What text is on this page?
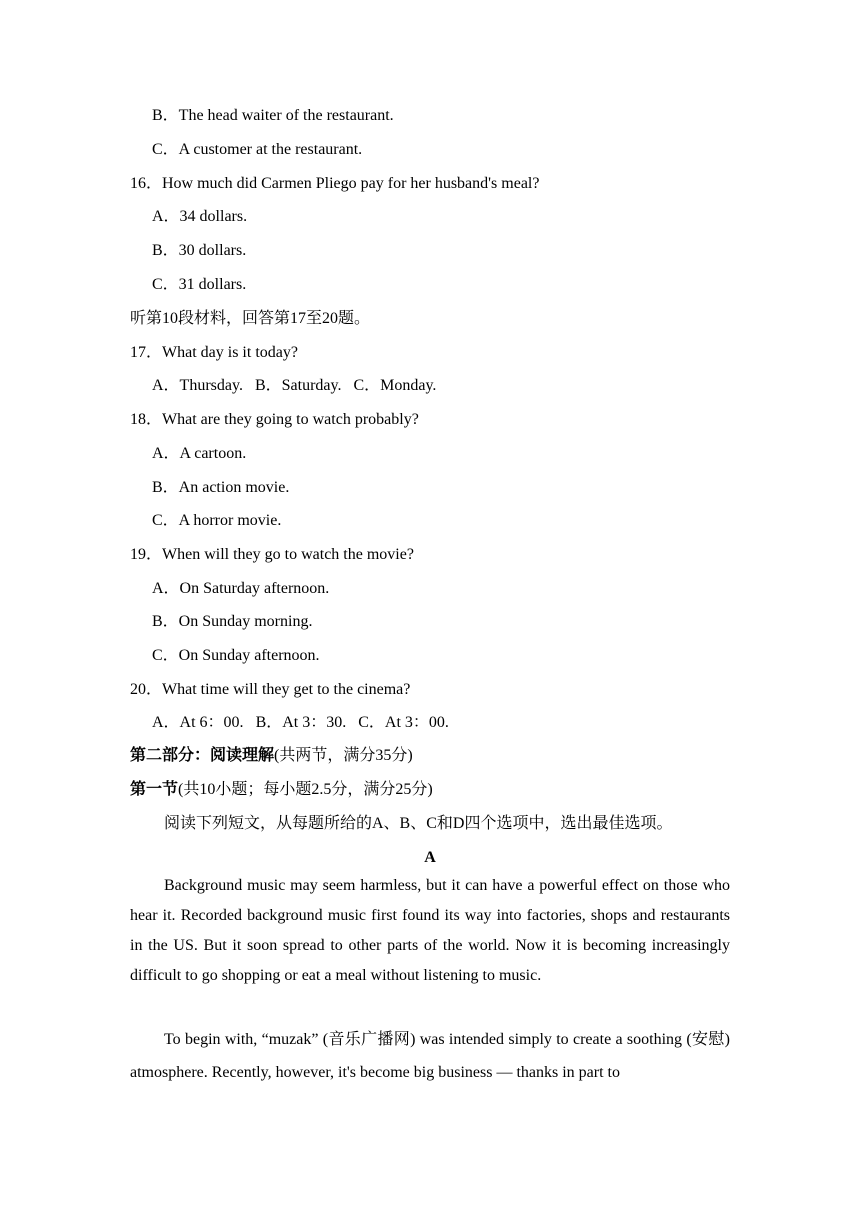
B．The head waiter of the restaurant.
C．A customer at the restaurant.
16．How much did Carmen Pliego pay for her husband's meal?
A．34 dollars.
B．30 dollars.
C．31 dollars.
听第10段材料，回答第17至20题。
17．What day is it today?
A．Thursday. B．Saturday. C．Monday.
18．What are they going to watch probably?
A．A cartoon.
B．An action movie.
C．A horror movie.
19．When will they go to watch the movie?
A．On Saturday afternoon.
B．On Sunday morning.
C．On Sunday afternoon.
20．What time will they get to the cinema?
A．At 6：00. B．At 3：30. C．At 3：00.
第二部分：阅读理解(共两节，满分35分)
第一节(共10小题；每小题2.5分，满分25分)
阅读下列短文，从每题所给的A、B、C和D四个选项中，选出最佳选项。
A
Background music may seem harmless, but it can have a powerful effect on those who hear it. Recorded background music first found its way into factories, shops and restaurants in the US. But it soon spread to other parts of the world. Now it is becoming increasingly difficult to go shopping or eat a meal without listening to music.
To begin with, “muzak” (音乐广播网) was intended simply to create a soothing (安慰) atmosphere. Recently, however, it's become big business — thanks in part to
